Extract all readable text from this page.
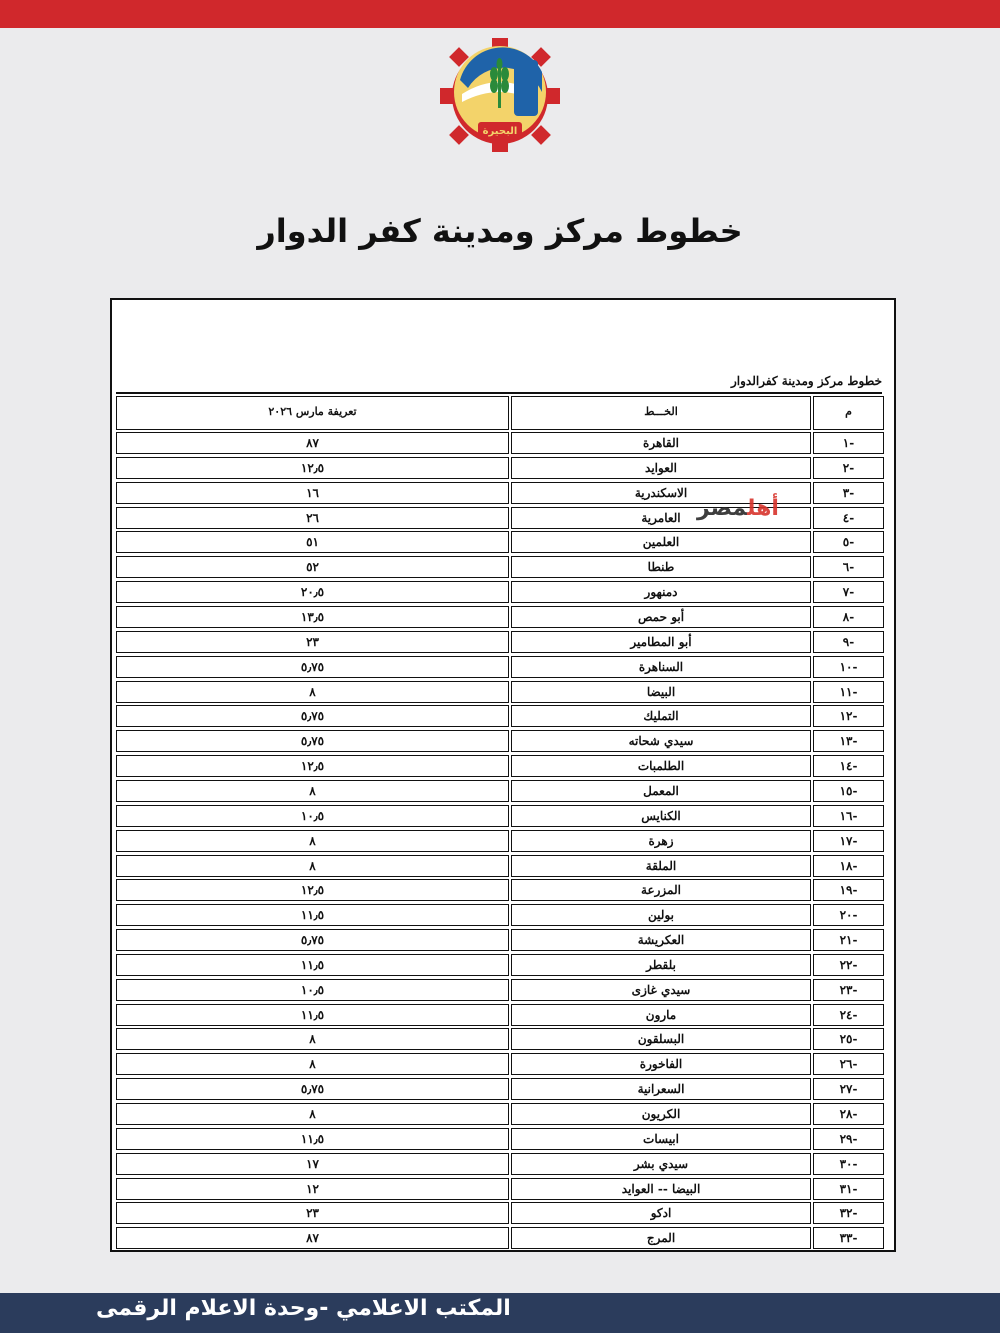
البحيرة
خطوط مركز ومدينة كفر الدوار
خطوط مركز ومدينة كفرالدوار
تعريفة مارس ٢٠٢٦	الخـــط	م
٨٧	القاهرة	-١
١٢٫٥	العوايد	-٢
١٦	الاسكندرية	-٣
٢٦	العامرية	-٤
٥١	العلمين	-٥
٥٢	طنطا	-٦
٢٠٫٥	دمنهور	-٧
١٣٫٥	أبو حمص	-٨
٢٣	أبو المطامير	-٩
٥٫٧٥	السناهرة	-١٠
٨	البيضا	-١١
٥٫٧٥	التمليك	-١٢
٥٫٧٥	سيدي شحاته	-١٣
١٢٫٥	الطلمبات	-١٤
٨	المعمل	-١٥
١٠٫٥	الكنايس	-١٦
٨	زهرة	-١٧
٨	الملقة	-١٨
١٢٫٥	المزرعة	-١٩
١١٫٥	بولين	-٢٠
٥٫٧٥	العكريشة	-٢١
١١٫٥	بلقطر	-٢٢
١٠٫٥	سيدي غازى	-٢٣
١١٫٥	مارون	-٢٤
٨	البسلقون	-٢٥
٨	الفاخورة	-٢٦
٥٫٧٥	السعرانية	-٢٧
٨	الكريون	-٢٨
١١٫٥	ابيسات	-٢٩
١٧	سيدي بشر	-٣٠
١٢	البيضا -- العوايد	-٣١
٢٣	ادكو	-٣٢
٨٧	المرج	-٣٣
أهلمصر
المكتب الاعلامي -وحدة الاعلام الرقمى
